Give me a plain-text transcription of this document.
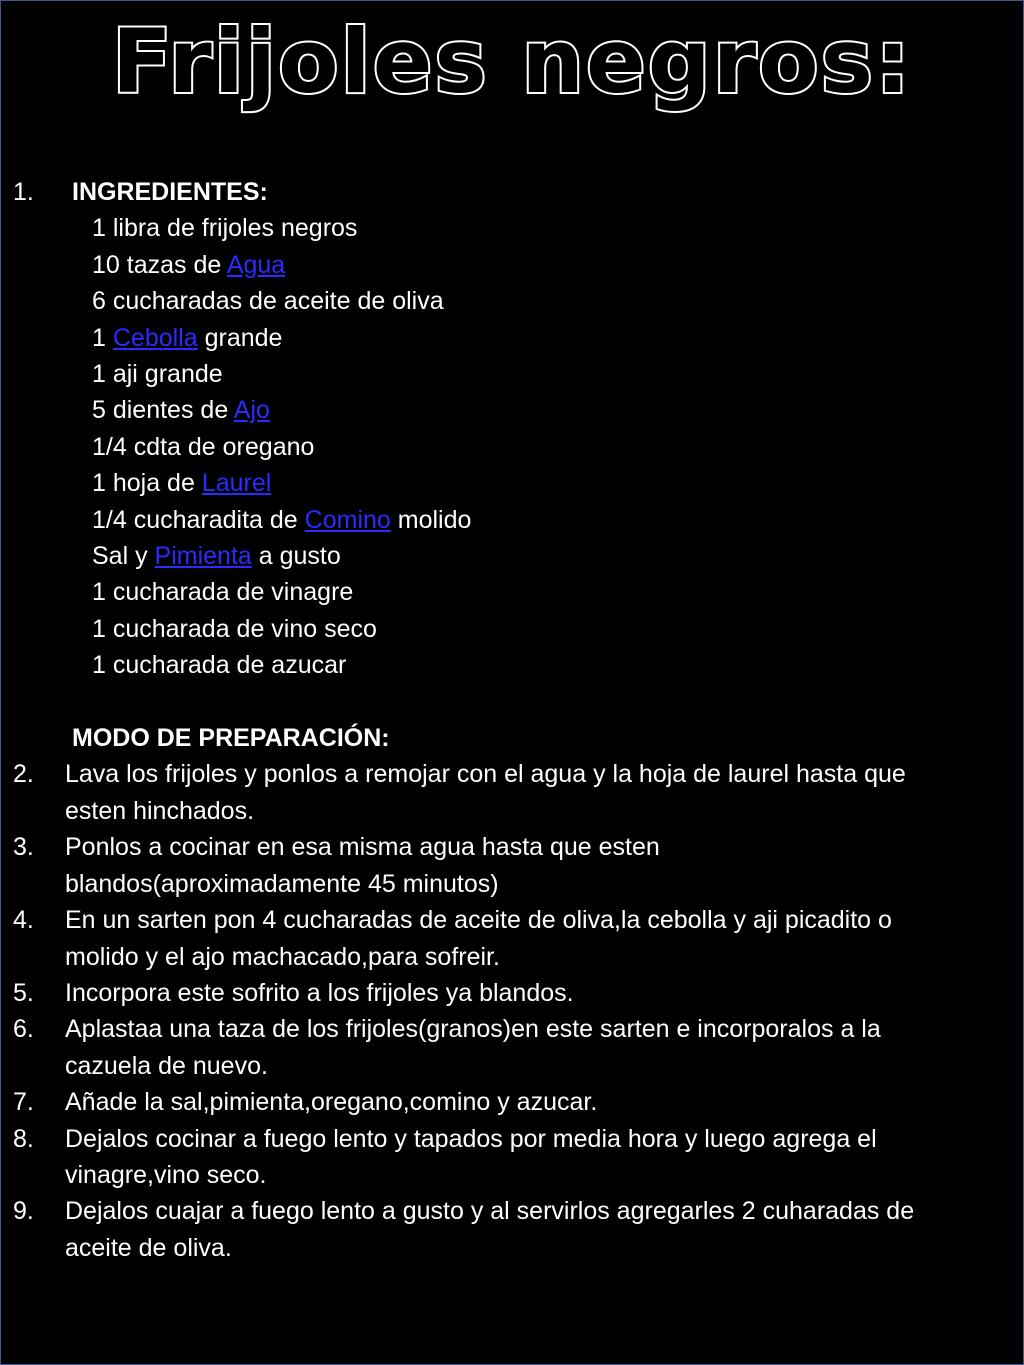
Frijoles negros:
1.	INGREDIENTES:
1 libra de frijoles negros
10 tazas de Agua
6 cucharadas de aceite de oliva
1 Cebolla grande
1 aji grande
5 dientes de Ajo
1/4 cdta de oregano
1 hoja de Laurel
1/4 cucharadita de Comino molido
Sal y Pimienta a gusto
1 cucharada de vinagre
1 cucharada de vino seco
1 cucharada de azucar
MODO DE PREPARACIÓN:
2. Lava los frijoles y ponlos a remojar con el agua y la hoja de laurel hasta que
esten hinchados.
3. Ponlos a cocinar en esa misma agua hasta que esten
blandos(aproximadamente 45 minutos)
4. En un sarten pon 4 cucharadas de aceite de oliva,la cebolla y aji picadito o
molido y el ajo machacado,para sofreir.
5. Incorpora este sofrito a los frijoles ya blandos.
6. Aplastaa una taza de los frijoles(granos)en este sarten e incorporalos a la
cazuela de nuevo.
7. Añade la sal,pimienta,oregano,comino y azucar.
8. Dejalos cocinar a fuego lento y tapados por media hora y luego agrega el
vinagre,vino seco.
9. Dejalos cuajar a fuego lento a gusto y al servirlos agregarles 2 cuharadas de
aceite de oliva.
